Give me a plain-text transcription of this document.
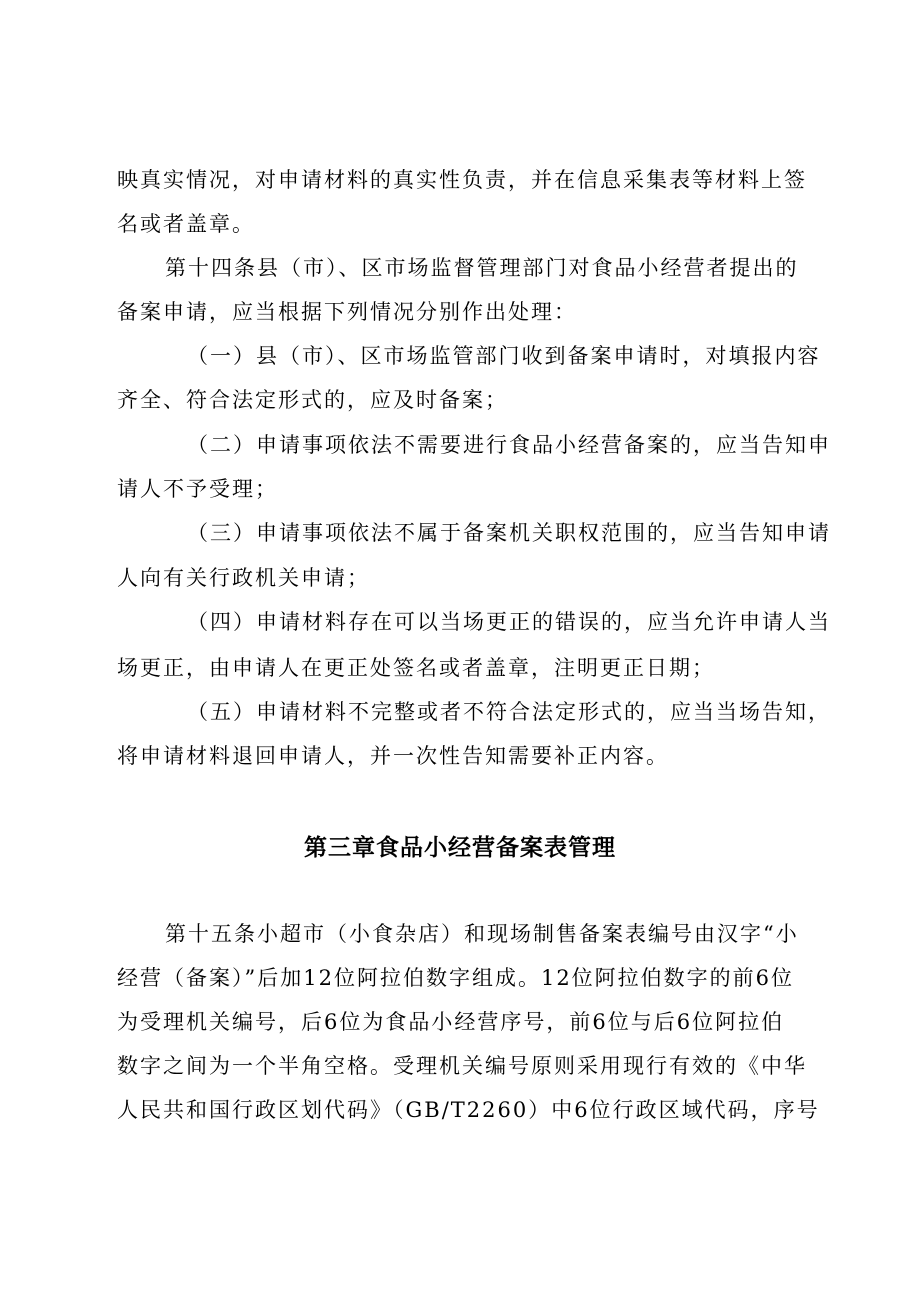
映真实情况，对申请材料的真实性负责，并在信息采集表等材料上签
名或者盖章。
第十四条县（市）、区市场监督管理部门对食品小经营者提出的
备案申请，应当根据下列情况分别作出处理：
（一）县（市）、区市场监管部门收到备案申请时，对填报内容
齐全、符合法定形式的，应及时备案；
（二）申请事项依法不需要进行食品小经营备案的，应当告知申
请人不予受理；
（三）申请事项依法不属于备案机关职权范围的，应当告知申请
人向有关行政机关申请；
（四）申请材料存在可以当场更正的错误的，应当允许申请人当
场更正，由申请人在更正处签名或者盖章，注明更正日期；
（五）申请材料不完整或者不符合法定形式的，应当当场告知，
将申请材料退回申请人，并一次性告知需要补正内容。
第三章食品小经营备案表管理
第十五条小超市（小食杂店）和现场制售备案表编号由汉字“小
经营（备案）”后加12位阿拉伯数字组成。12位阿拉伯数字的前6位
为受理机关编号，后6位为食品小经营序号，前6位与后6位阿拉伯
数字之间为一个半角空格。受理机关编号原则采用现行有效的《中华
人民共和国行政区划代码》（GB/T2260）中6位行政区域代码，序号
